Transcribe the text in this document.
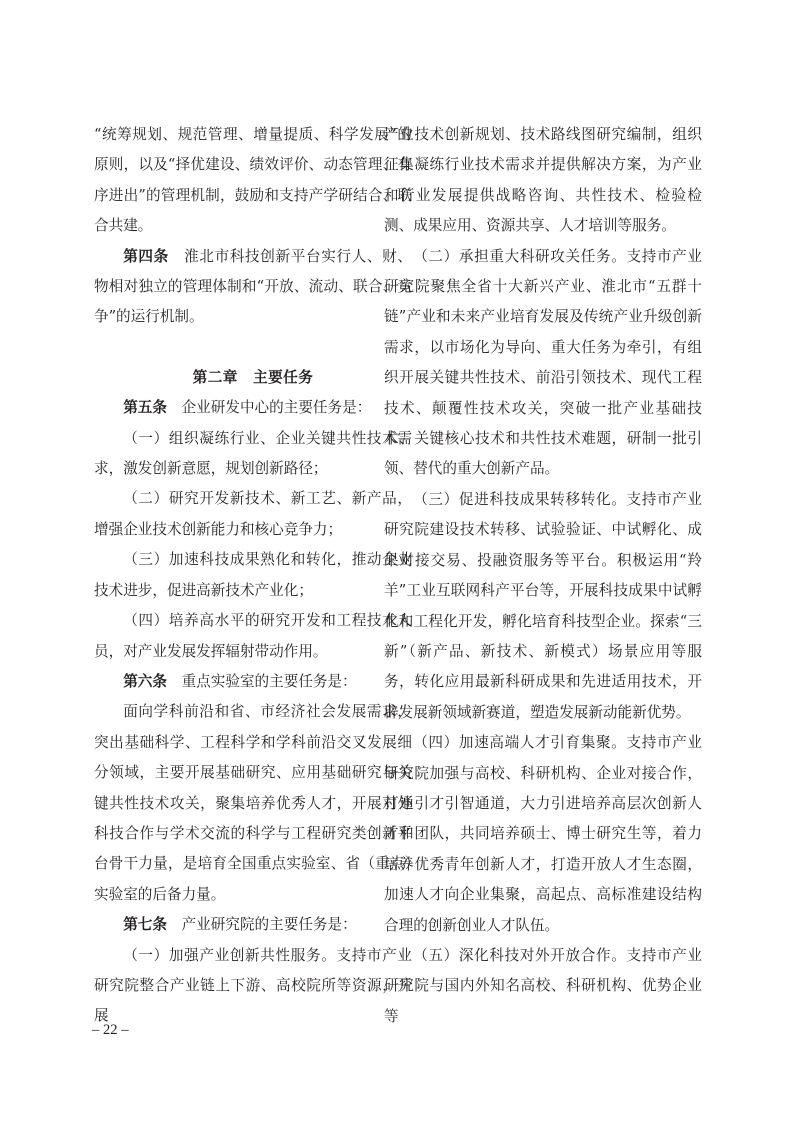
“统筹规划、规范管理、增量提质、科学发展”的原则，以及“择优建设、绩效评价、动态管理、有序进出”的管理机制，鼓励和支持产学研结合、联合共建。

第四条  淮北市科技创新平台实行人、财、物相对独立的管理体制和“开放、流动、联合、竞争”的运行机制。

第二章　主要任务

第五条  企业研发中心的主要任务是：

（一）组织凝练行业、企业关键共性技术需求，激发创新意愿，规划创新路径；

（二）研究开发新技术、新工艺、新产品，增强企业技术创新能力和核心竞争力；

（三）加速科技成果熟化和转化，推动企业技术进步，促进高新技术产业化；

（四）培养高水平的研究开发和工程技术人员，对产业发展发挥辐射带动作用。

第六条  重点实验室的主要任务是：

面向学科前沿和省、市经济社会发展需求，突出基础科学、工程科学和学科前沿交叉发展细分领域，主要开展基础研究、应用基础研究与关键共性技术攻关，聚集培养优秀人才，开展对外科技合作与学术交流的科学与工程研究类创新平台骨干力量，是培育全国重点实验室、省（重点）实验室的后备力量。

第七条  产业研究院的主要任务是：

（一）加强产业创新共性服务。支持市产业研究院整合产业链上下游、高校院所等资源，开展

产业技术创新规划、技术路线图研究编制，组织征集凝练行业技术需求并提供解决方案，为产业和行业发展提供战略咨询、共性技术、检验检测、成果应用、资源共享、人才培训等服务。

（二）承担重大科研攻关任务。支持市产业研究院聚焦全省十大新兴产业、淮北市“五群十链”产业和未来产业培育发展及传统产业升级创新需求，以市场化为导向、重大任务为牵引，有组织开展关键共性技术、前沿引领技术、现代工程技术、颠覆性技术攻关，突破一批产业基础技术、关键核心技术和共性技术难题，研制一批引领、替代的重大创新产品。

（三）促进科技成果转移转化。支持市产业研究院建设技术转移、试验验证、中试孵化、成果对接交易、投融资服务等平台。积极运用“羚羊”工业互联网科产平台等，开展科技成果中试孵化和工程化开发，孵化培育科技型企业。探索“三新”（新产品、新技术、新模式）场景应用等服务，转化应用最新科研成果和先进适用技术，开辟发展新领域新赛道，塑造发展新动能新优势。

（四）加速高端人才引育集聚。支持市产业研究院加强与高校、科研机构、企业对接合作，打通引才引智通道，大力引进培养高层次创新人才和团队，共同培养硕士、博士研究生等，着力培养优秀青年创新人才，打造开放人才生态圈，加速人才向企业集聚，高起点、高标准建设结构合理的创新创业人才队伍。

（五）深化科技对外开放合作。支持市产业研究院与国内外知名高校、科研机构、优势企业等

– 22 –
